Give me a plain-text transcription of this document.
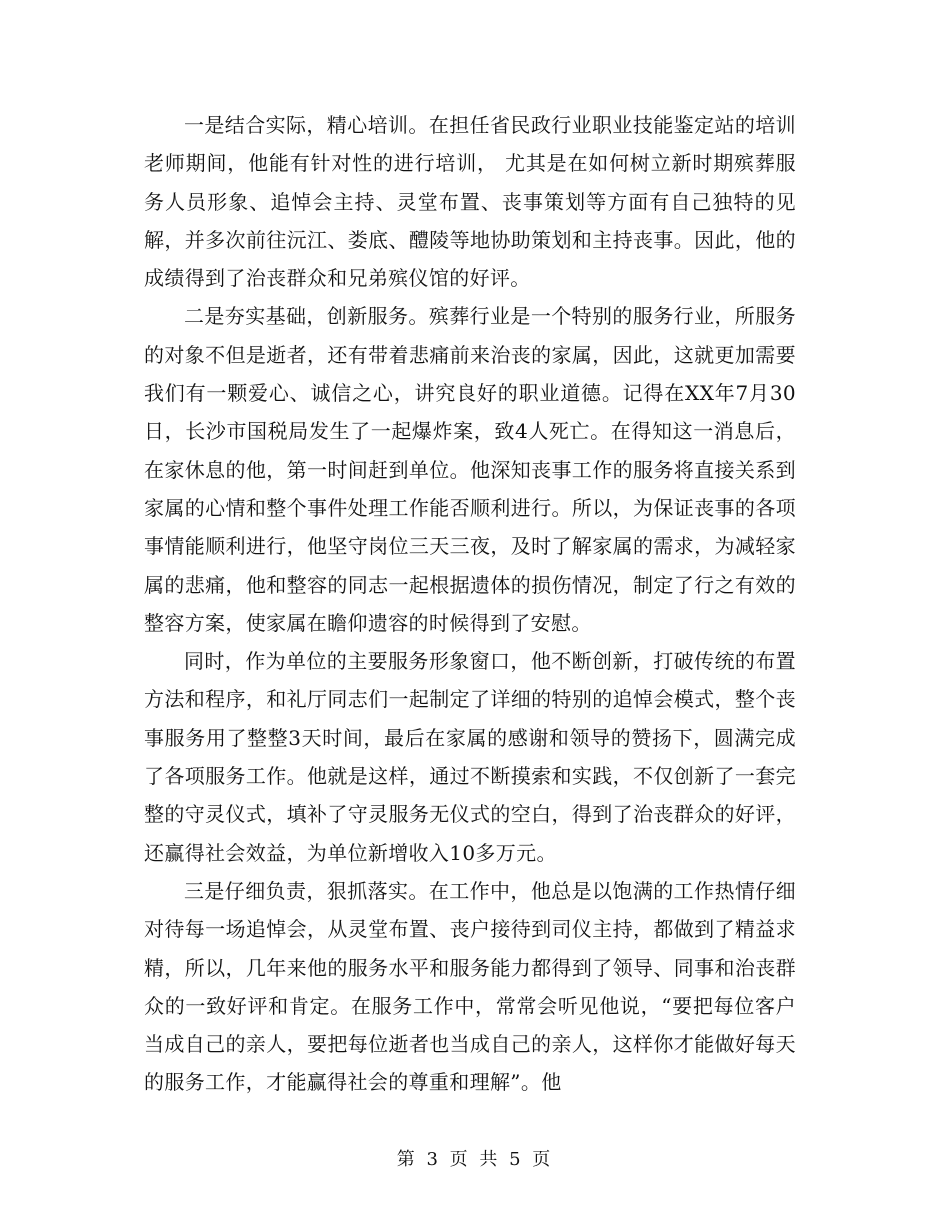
一是结合实际，精心培训。在担任省民政行业职业技能鉴定站的培训老师期间，他能有针对性的进行培训， 尤其是在如何树立新时期殡葬服务人员形象、追悼会主持、灵堂布置、丧事策划等方面有自己独特的见解，并多次前往沅江、娄底、醴陵等地协助策划和主持丧事。因此，他的成绩得到了治丧群众和兄弟殡仪馆的好评。

二是夯实基础，创新服务。殡葬行业是一个特别的服务行业，所服务的对象不但是逝者，还有带着悲痛前来治丧的家属，因此，这就更加需要我们有一颗爱心、诚信之心，讲究良好的职业道德。记得在XX年7月30日，长沙市国税局发生了一起爆炸案，致4人死亡。在得知这一消息后，在家休息的他，第一时间赶到单位。他深知丧事工作的服务将直接关系到家属的心情和整个事件处理工作能否顺利进行。所以，为保证丧事的各项事情能顺利进行，他坚守岗位三天三夜，及时了解家属的需求，为减轻家属的悲痛，他和整容的同志一起根据遗体的损伤情况，制定了行之有效的整容方案，使家属在瞻仰遗容的时候得到了安慰。

同时，作为单位的主要服务形象窗口，他不断创新，打破传统的布置方法和程序，和礼厅同志们一起制定了详细的特别的追悼会模式，整个丧事服务用了整整3天时间，最后在家属的感谢和领导的赞扬下，圆满完成了各项服务工作。他就是这样，通过不断摸索和实践，不仅创新了一套完整的守灵仪式，填补了守灵服务无仪式的空白，得到了治丧群众的好评，还赢得社会效益，为单位新增收入10多万元。

三是仔细负责，狠抓落实。在工作中，他总是以饱满的工作热情仔细对待每一场追悼会，从灵堂布置、丧户接待到司仪主持，都做到了精益求精，所以，几年来他的服务水平和服务能力都得到了领导、同事和治丧群众的一致好评和肯定。在服务工作中，常常会听见他说，“要把每位客户当成自己的亲人，要把每位逝者也当成自己的亲人，这样你才能做好每天的服务工作，才能赢得社会的尊重和理解”。他

第 3 页 共 5 页
